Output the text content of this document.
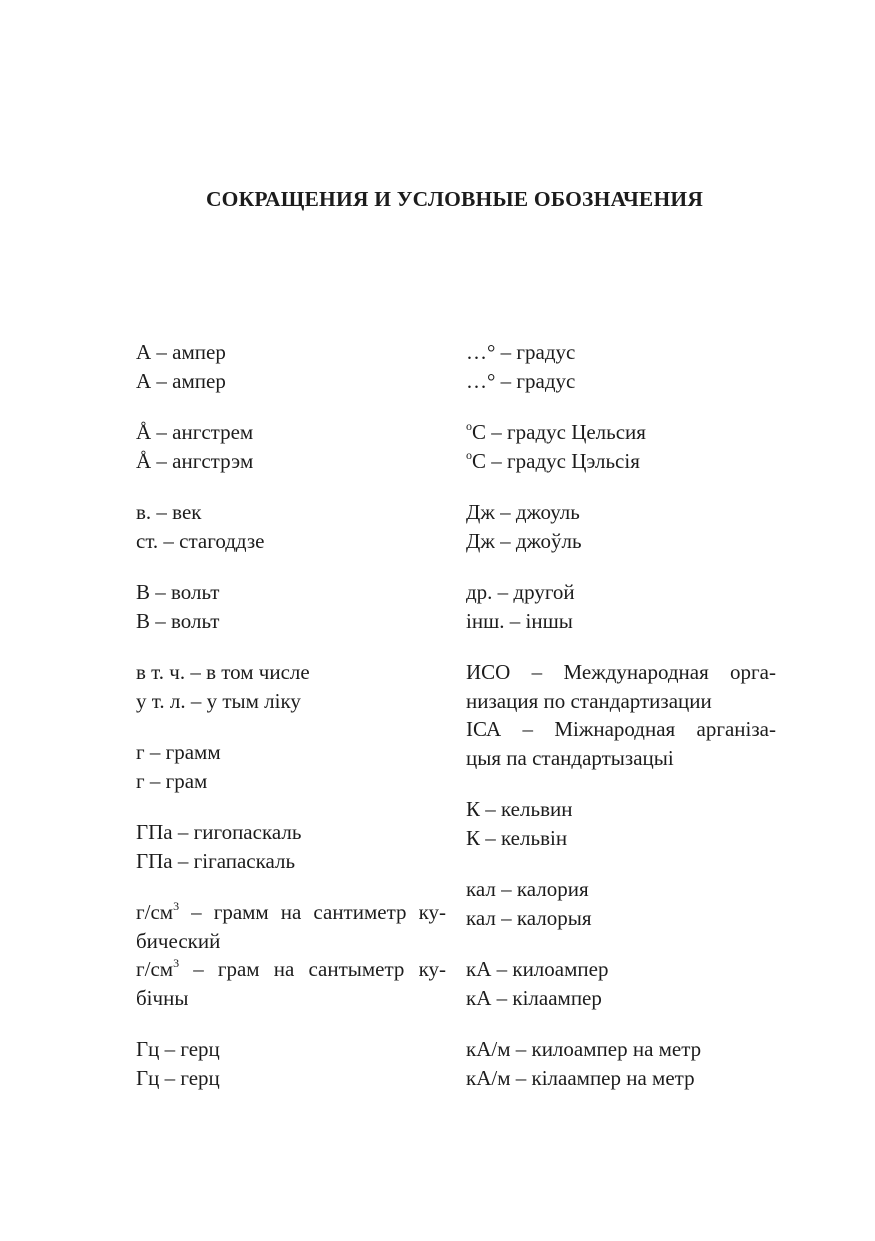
СОКРАЩЕНИЯ И УСЛОВНЫЕ ОБОЗНАЧЕНИЯ
А – ампер
А – ампер
Å – ангстрем
Å – ангстрэм
в. – век
ст. – стагоддзе
В – вольт
В – вольт
в т. ч. – в том числе
у т. л. – у тым ліку
г – грамм
г – грам
ГПа – гигопаскаль
ГПа – гігапаскаль
$г/см^3$ – грамм на сантиметр ку-
бический
$г/см^3$ – грам на сантыметр ку-
бічны
Гц – герц
Гц – герц
…° – градус
…° – градус
$^о$С – градус Цельсия
$^о$С – градус Цэльсія
Дж – джоуль
Дж – джоўль
др. – другой
інш. – іншы
ИСО – Международная орга-
низация по стандартизации
ІСА – Міжнародная арганіза-
цыя па стандартызацыі
К – кельвин
К – кельвін
кал – калория
кал – калорыя
кА – килоампер
кА – кілаампер
кА/м – килоампер на метр
кА/м – кілаампер на метр
